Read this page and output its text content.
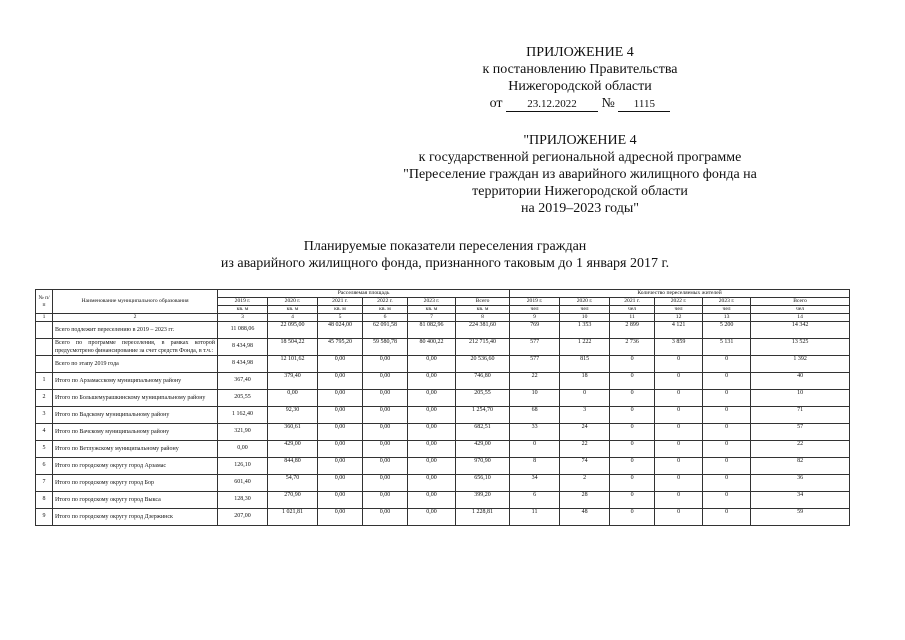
ПРИЛОЖЕНИЕ 4
к постановлению Правительства
Нижегородской области
от 23.12.2022 № 1115
"ПРИЛОЖЕНИЕ 4
к государственной региональной адресной программе
"Переселение граждан из аварийного жилищного фонда на
территории Нижегородской области
на 2019–2023 годы"
Планируемые показатели переселения граждан
из аварийного жилищного фонда, признанного таковым до 1 января 2017 г.
№ п/п	Наименование муниципального образования	Расселяемая площадь						Количество переселяемых жителей					
		2019 г.	2020 г.	2021 г.	2022 г.	2023 г.	Всего	2019 г.	2020 г.	2021 г.	2022 г.	2023 г.	Всего
		кв. м	кв. м	кв. м	кв. м	кв. м	кв. м	чел	чел	чел	чел	чел	чел
1	2	3	4	5	6	7	8	9	10	11	12	13	14
	Всего подлежит переселению в 2019 – 2023 гг.	11 088,06	22 095,00	48 024,00	62 091,58	81 082,96	224 381,60	769	1 353	2 899	4 121	5 200	14 342
	Всего по программе переселения, в рамках которой предусмотрено финансирование за счет средств Фонда, в т.ч.:	8 434,98	18 504,22	45 795,20	59 580,78	80 400,22	212 715,40	577	1 222	2 736	3 859	5 131	13 525
	Всего по этапу 2019 года	8 434,98	12 101,62	0,00	0,00	0,00	20 536,60	577	815	0	0	0	1 392
1	Итого по Арзамасскому муниципальному району	367,40	379,40	0,00	0,00	0,00	746,80	22	18	0	0	0	40
2	Итого по Большемурашкинскому муниципальному району	205,55	0,00	0,00	0,00	0,00	205,55	10	0	0	0	0	10
3	Итого по Вадскому муниципальному району	1 162,40	92,30	0,00	0,00	0,00	1 254,70	68	3	0	0	0	71
4	Итого по Вачскому муниципальному району	321,90	360,61	0,00	0,00	0,00	682,51	33	24	0	0	0	57
5	Итого по Ветлужскому муниципальному району	0,00	429,00	0,00	0,00	0,00	429,00	0	22	0	0	0	22
6	Итого по городскому округу город Арзамас	126,10	844,80	0,00	0,00	0,00	970,90	8	74	0	0	0	82
7	Итого по городскому округу город Бор	601,40	54,70	0,00	0,00	0,00	656,10	34	2	0	0	0	36
8	Итого по городскому округу город Выкса	128,30	270,90	0,00	0,00	0,00	399,20	6	28	0	0	0	34
9	Итого по городскому округу город Дзержинск	207,00	1 021,81	0,00	0,00	0,00	1 228,81	11	48	0	0	0	59
